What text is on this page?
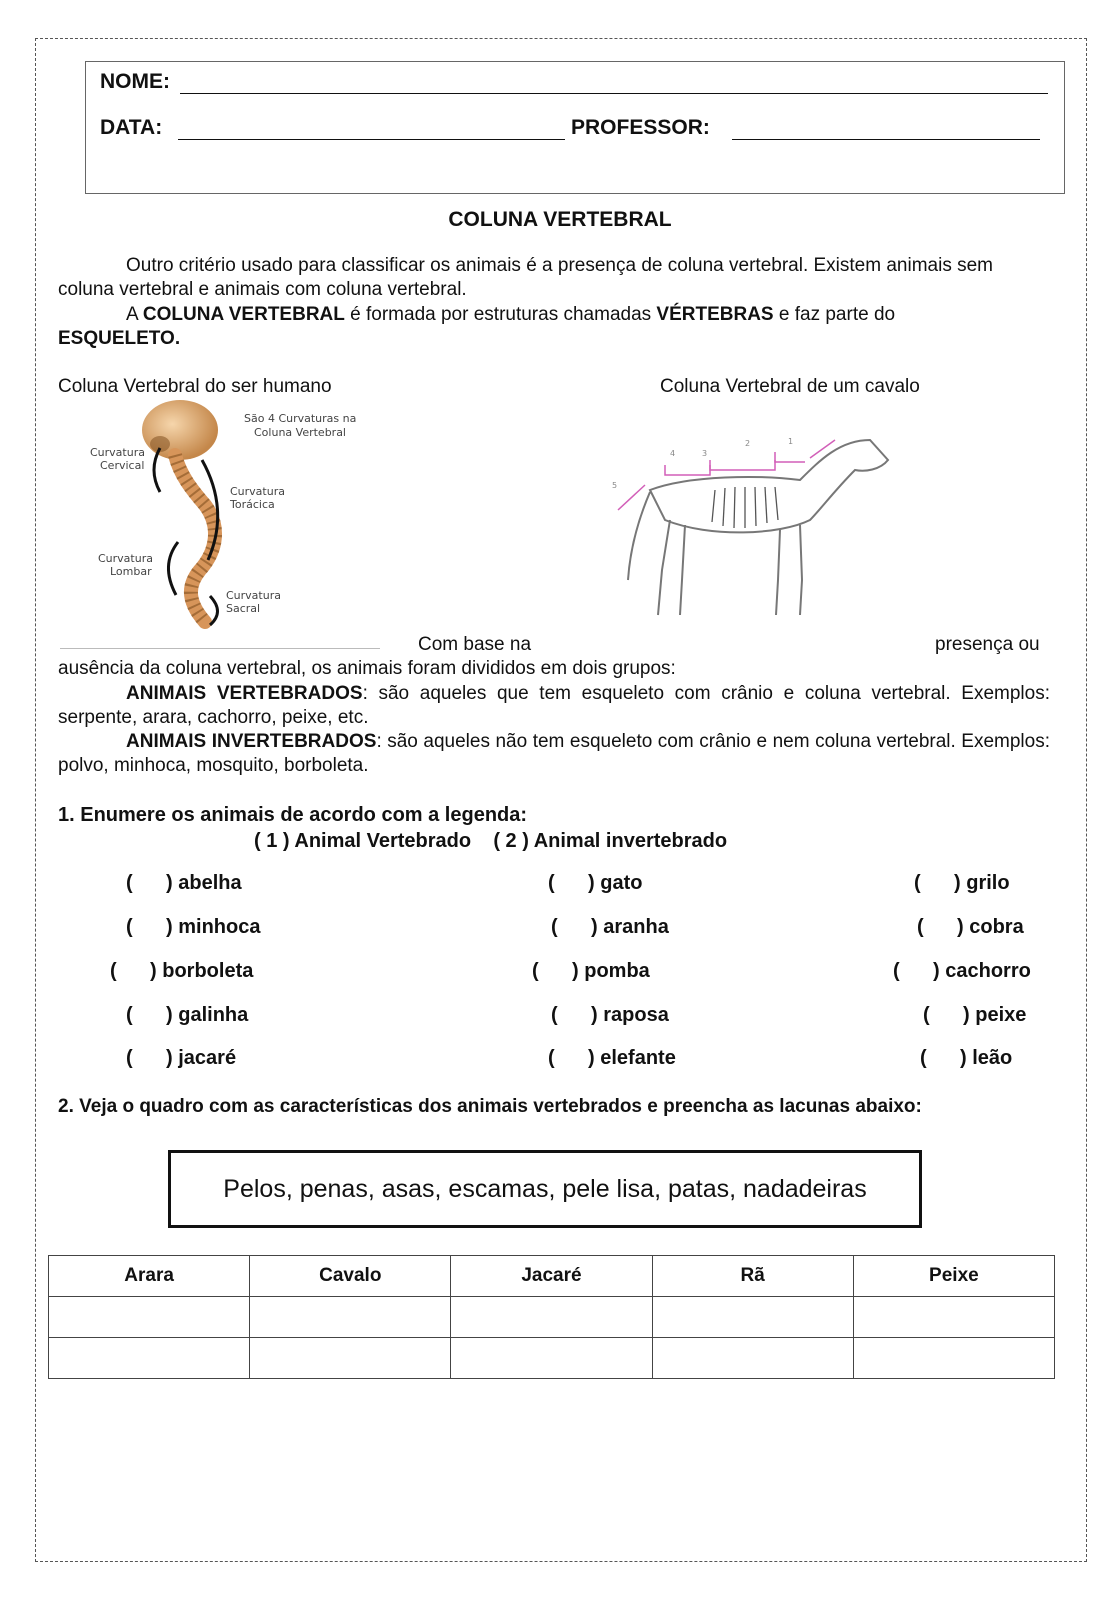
NOME:
DATA:	PROFESSOR:
COLUNA VERTEBRAL
Outro critério usado para classificar os animais é a presença de coluna vertebral. Existem animais sem coluna vertebral e animais com coluna vertebral.
A COLUNA VERTEBRAL é formada por estruturas chamadas VÉRTEBRAS e faz parte do
ESQUELETO.
Coluna Vertebral do ser humano	Coluna Vertebral de um cavalo
São 4 Curvaturas na
Coluna Vertebral
Curvatura
Cervical
Curvatura
Torácica
Curvatura
Lombar
Curvatura
Sacral
4	3
2	1
5
Com base na	presença ou
ausência da coluna vertebral, os animais foram divididos em dois grupos:
ANIMAIS VERTEBRADOS: são aqueles que tem esqueleto com crânio e coluna vertebral. Exemplos: serpente, arara, cachorro, peixe, etc.
ANIMAIS INVERTEBRADOS: são aqueles não tem esqueleto com crânio e nem coluna vertebral. Exemplos: polvo, minhoca, mosquito, borboleta.
1. Enumere os animais de acordo com a legenda:
( 1 ) Animal Vertebrado    ( 2 ) Animal invertebrado
(      ) abelha	(      ) gato	(      ) grilo
(      ) minhoca	(      ) aranha	(      ) cobra
(      ) borboleta	(      ) pomba	(      ) cachorro
(      ) galinha	(      ) raposa	(      ) peixe
(      ) jacaré	(      ) elefante	(      ) leão
2. Veja o quadro com as características dos animais vertebrados e preencha as lacunas abaixo:
Pelos, penas, asas, escamas, pele lisa, patas, nadadeiras
Arara	Cavalo	Jacaré	Rã	Peixe
